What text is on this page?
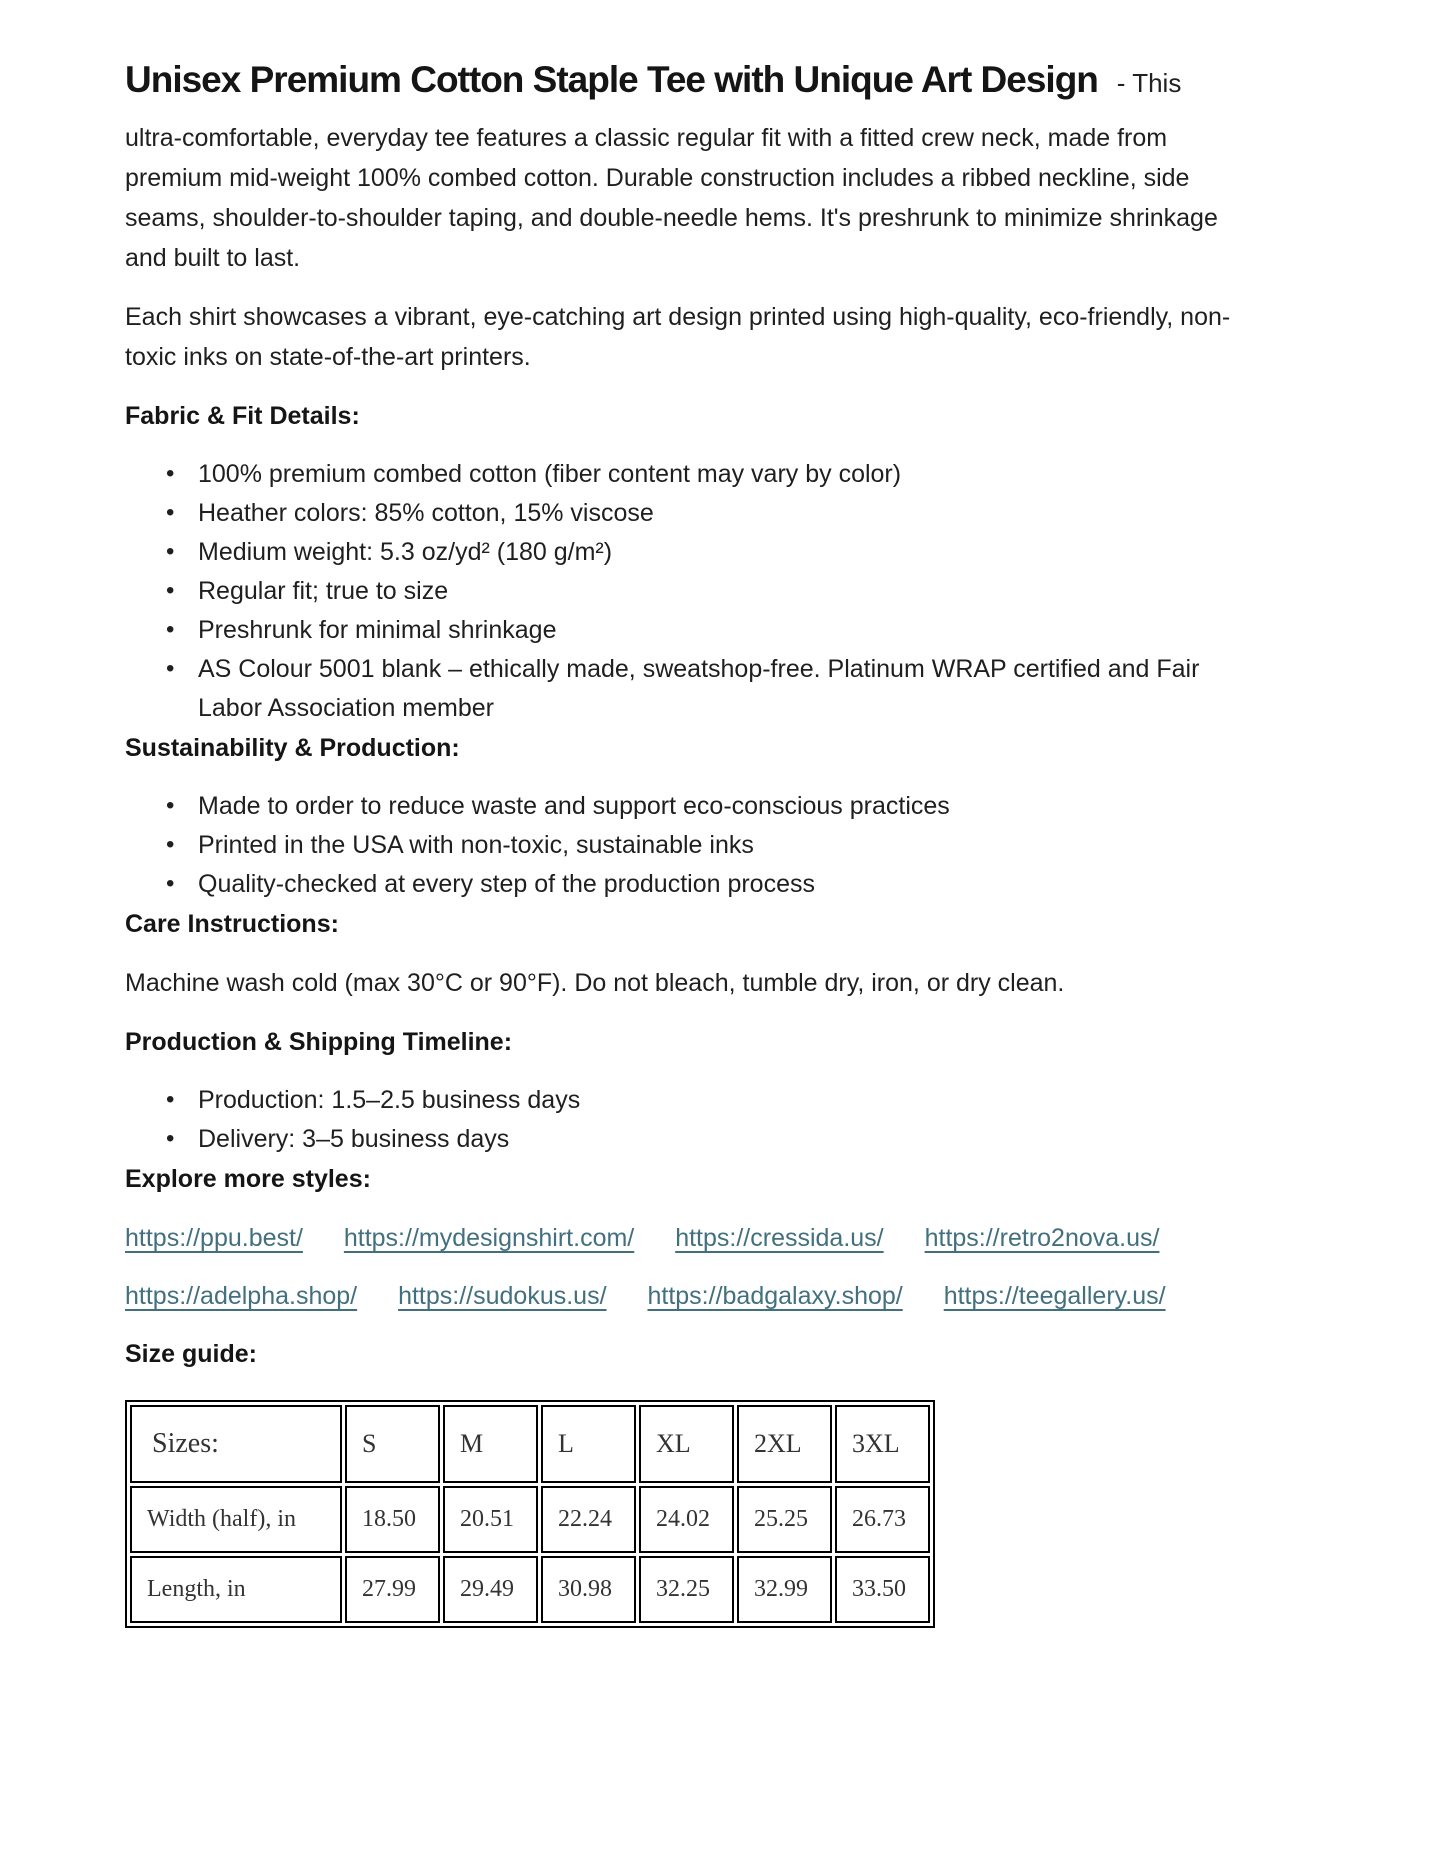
Unisex Premium Cotton Staple Tee with Unique Art Design - This

ultra-comfortable, everyday tee features a classic regular fit with a fitted crew neck, made from premium mid-weight 100% combed cotton. Durable construction includes a ribbed neckline, side seams, shoulder-to-shoulder taping, and double-needle hems. It's preshrunk to minimize shrinkage and built to last.

Each shirt showcases a vibrant, eye-catching art design printed using high-quality, eco-friendly, non-toxic inks on state-of-the-art printers.

Fabric & Fit Details:
• 100% premium combed cotton (fiber content may vary by color)
• Heather colors: 85% cotton, 15% viscose
• Medium weight: 5.3 oz/yd² (180 g/m²)
• Regular fit; true to size
• Preshrunk for minimal shrinkage
• AS Colour 5001 blank – ethically made, sweatshop-free. Platinum WRAP certified and Fair Labor Association member
Sustainability & Production:
• Made to order to reduce waste and support eco-conscious practices
• Printed in the USA with non-toxic, sustainable inks
• Quality-checked at every step of the production process
Care Instructions:

Machine wash cold (max 30°C or 90°F). Do not bleach, tumble dry, iron, or dry clean.

Production & Shipping Timeline:
• Production: 1.5–2.5 business days
• Delivery: 3–5 business days
Explore more styles:

https://ppu.best/ https://mydesignshirt.com/ https://cressida.us/ https://retro2nova.us/

https://adelpha.shop/ https://sudokus.us/ https://badgalaxy.shop/ https://teegallery.us/

Size guide:
Sizes:	S	M	L	XL	2XL	3XL
Width (half), in	18.50	20.51	22.24	24.02	25.25	26.73
Length, in	27.99	29.49	30.98	32.25	32.99	33.50
